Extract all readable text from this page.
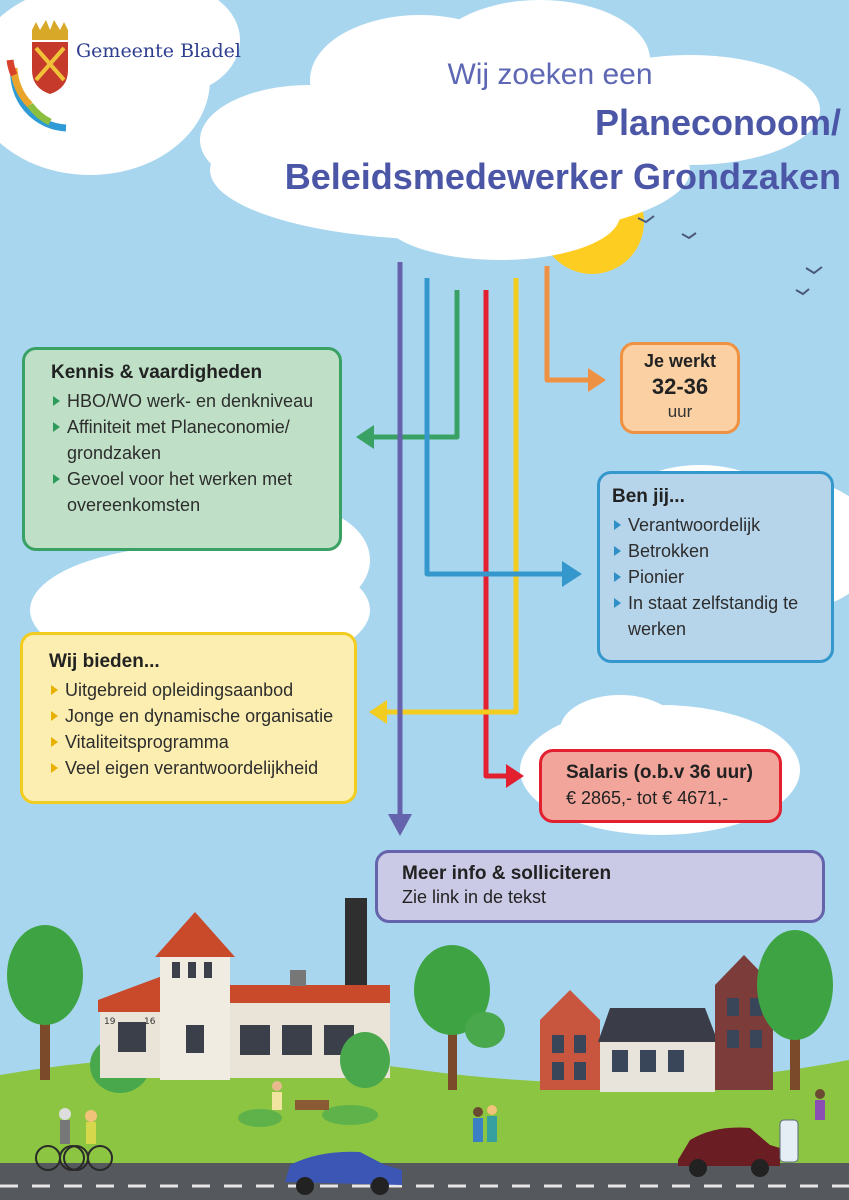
19	16
Gemeente Bladel
Wij zoeken een
Planeconoom/
Beleidsmedewerker Grondzaken
Kennis & vaardigheden
HBO/WO werk- en denkniveau
Affiniteit met Planeconomie/ grondzaken
Gevoel voor het werken met overeenkomsten
Je werkt
32-36
uur
Ben jij...
Verantwoordelijk
Betrokken
Pionier
In staat zelfstandig te werken
Wij bieden...
Uitgebreid opleidingsaanbod
Jonge en dynamische organisatie
Vitaliteitsprogramma
Veel eigen verantwoordelijkheid	Salaris (o.b.v 36 uur)
€ 2865,- tot € 4671,-
Meer info & solliciteren
Zie link in de tekst
